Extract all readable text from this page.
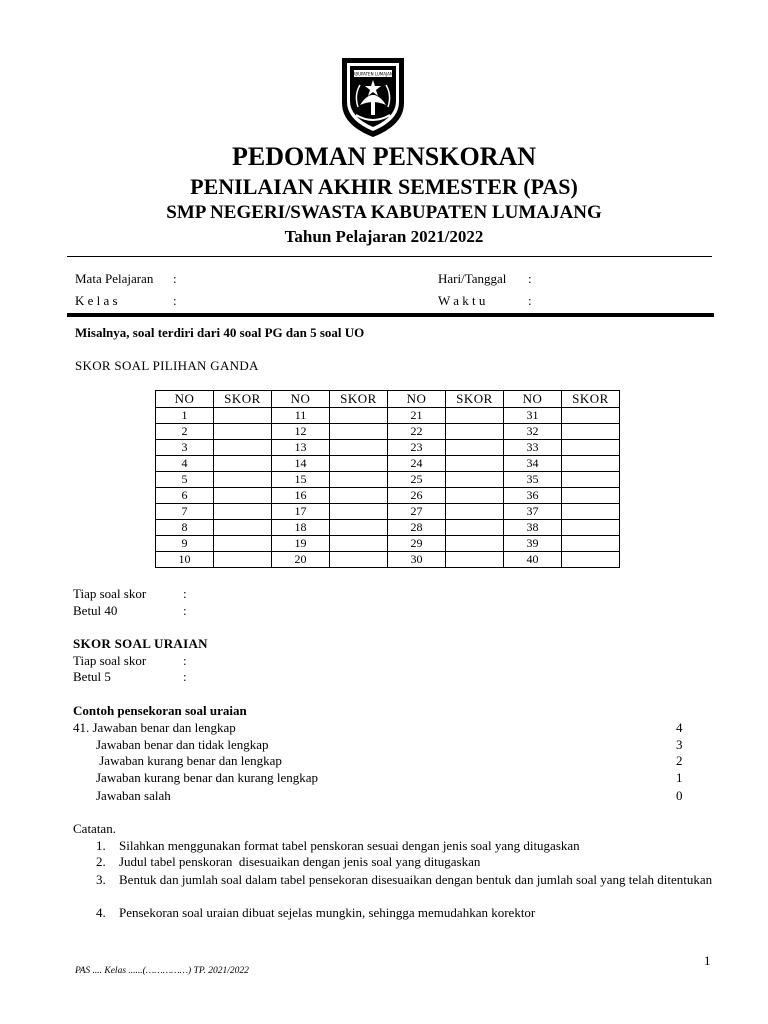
KABUPATEN LUMAJANG
PEDOMAN PENSKORAN
PENILAIAN AKHIR SEMESTER (PAS)
SMP NEGERI/SWASTA KABUPATEN LUMAJANG
Tahun Pelajaran 2021/2022
Mata Pelajaran :
K e l a s	:
Hari/Tanggal :
W a k t u	:
Misalnya, soal terdiri dari 40 soal PG dan 5 soal UO
SKOR SOAL PILIHAN GANDA
NO	SKOR	NO	SKOR	NO	SKOR	NO	SKOR
1		11		21		31	
2		12		22		32	
3		13		23		33	
4		14		24		34	
5		15		25		35	
6		16		26		36	
7		17		27		37	
8		18		28		38	
9		19		29		39	
10		20		30		40	
Tiap soal skor	:
Betul 40	:
SKOR SOAL URAIAN
Tiap soal skor	:
Betul 5	:
Contoh pensekoran soal uraian
41. Jawaban benar dan lengkap	4
Jawaban benar dan tidak lengkap	3
Jawaban kurang benar dan lengkap	2
Jawaban kurang benar dan kurang lengkap	1
Jawaban salah	0
Catatan.
1. Silahkan menggunakan format tabel penskoran sesuai dengan jenis soal yang ditugaskan
2. Judul tabel penskoran  disesuaikan dengan jenis soal yang ditugaskan
3. Bentuk dan jumlah soal dalam tabel pensekoran disesuaikan dengan bentuk dan jumlah soal yang telah ditentukan
4. Pensekoran soal uraian dibuat sejelas mungkin, sehingga memudahkan korektor
1
PAS .... Kelas ......(……………) TP. 2021/2022
